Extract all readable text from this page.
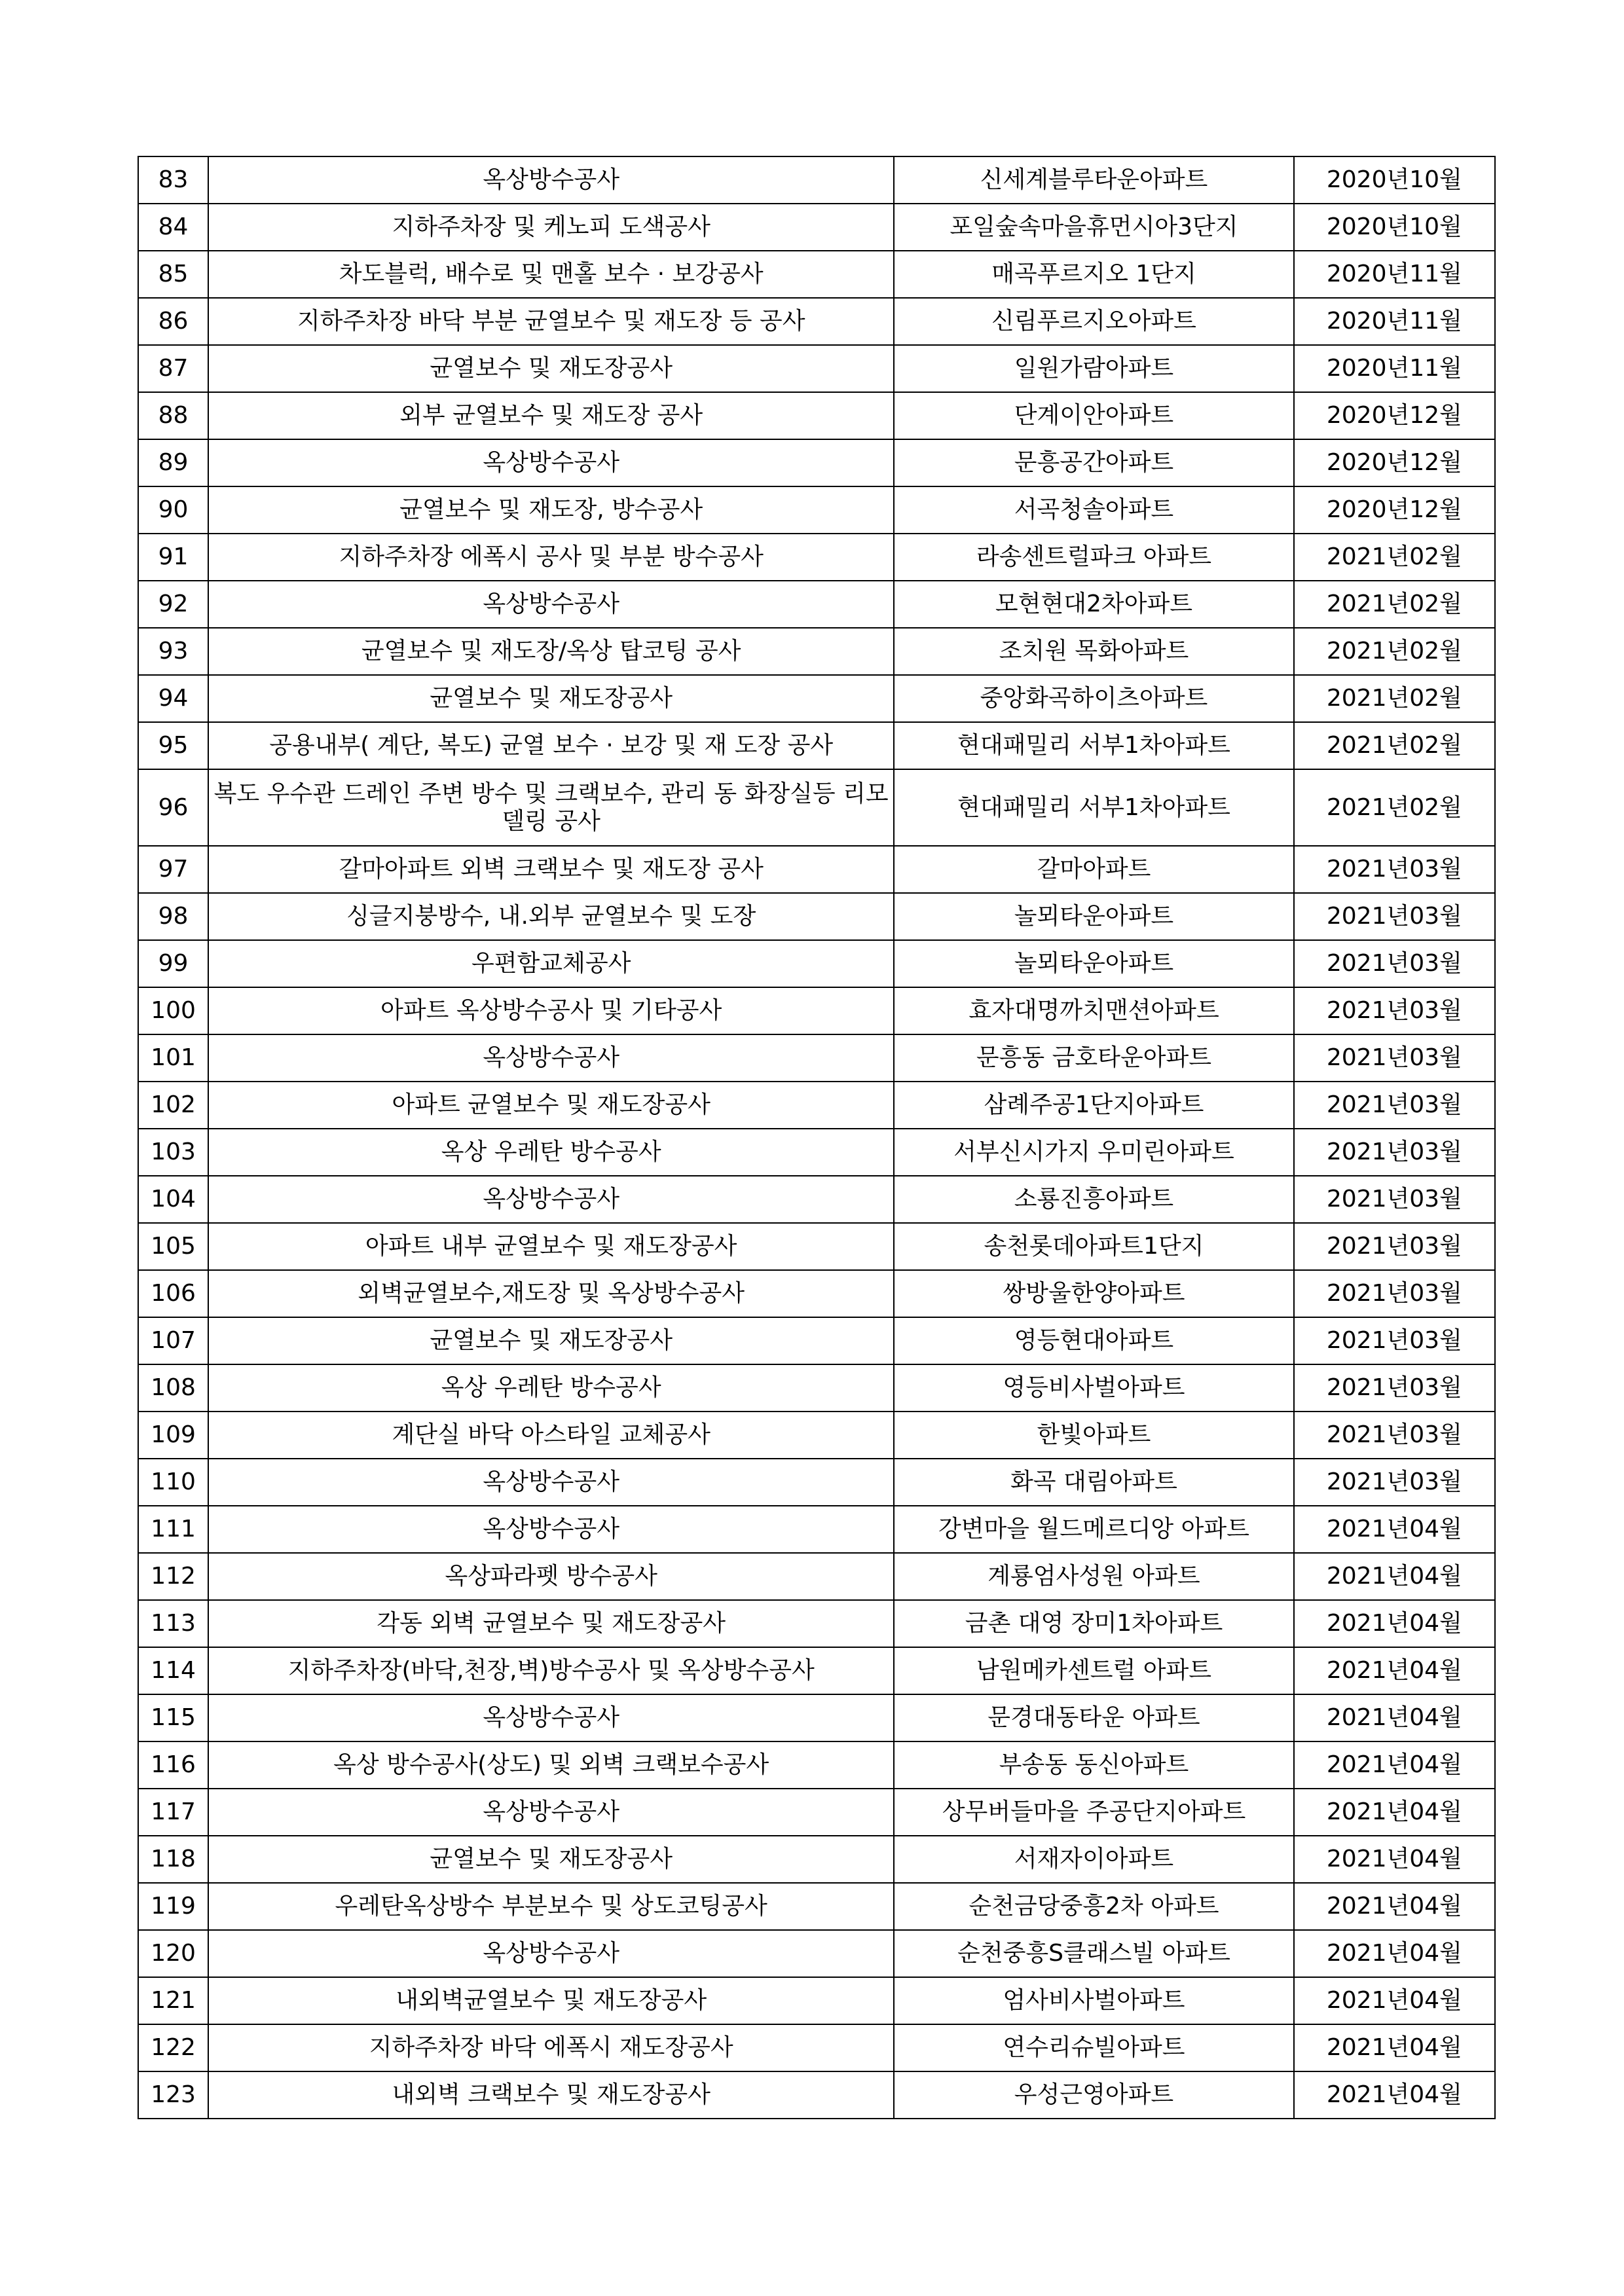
83	옥상방수공사	신세계블루타운아파트	2020년10월
84	지하주차장 및 케노피 도색공사	포일숲속마을휴먼시아3단지	2020년10월
85	차도블럭, 배수로 및 맨홀 보수 · 보강공사	매곡푸르지오 1단지	2020년11월
86	지하주차장 바닥 부분 균열보수 및 재도장 등 공사	신림푸르지오아파트	2020년11월
87	균열보수 및 재도장공사	일원가람아파트	2020년11월
88	외부 균열보수 및 재도장 공사	단계이안아파트	2020년12월
89	옥상방수공사	문흥공간아파트	2020년12월
90	균열보수 및 재도장, 방수공사	서곡청솔아파트	2020년12월
91	지하주차장 에폭시 공사 및 부분 방수공사	라송센트럴파크 아파트	2021년02월
92	옥상방수공사	모현현대2차아파트	2021년02월
93	균열보수 및 재도장/옥상 탑코팅 공사	조치원 목화아파트	2021년02월
94	균열보수 및 재도장공사	중앙화곡하이츠아파트	2021년02월
95	공용내부( 계단, 복도) 균열 보수 · 보강 및 재 도장 공사	현대패밀리 서부1차아파트	2021년02월
96	복도 우수관 드레인 주변 방수 및 크랙보수, 관리 동 화장실등 리모델링 공사	현대패밀리 서부1차아파트	2021년02월
97	갈마아파트 외벽 크랙보수 및 재도장 공사	갈마아파트	2021년03월
98	싱글지붕방수, 내.외부 균열보수 및 도장	놀뫼타운아파트	2021년03월
99	우편함교체공사	놀뫼타운아파트	2021년03월
100	아파트 옥상방수공사 및 기타공사	효자대명까치맨션아파트	2021년03월
101	옥상방수공사	문흥동 금호타운아파트	2021년03월
102	아파트 균열보수 및 재도장공사	삼례주공1단지아파트	2021년03월
103	옥상 우레탄 방수공사	서부신시가지 우미린아파트	2021년03월
104	옥상방수공사	소룡진흥아파트	2021년03월
105	아파트 내부 균열보수 및 재도장공사	송천롯데아파트1단지	2021년03월
106	외벽균열보수,재도장 및 옥상방수공사	쌍방울한양아파트	2021년03월
107	균열보수 및 재도장공사	영등현대아파트	2021년03월
108	옥상 우레탄 방수공사	영등비사벌아파트	2021년03월
109	계단실 바닥 아스타일 교체공사	한빛아파트	2021년03월
110	옥상방수공사	화곡 대림아파트	2021년03월
111	옥상방수공사	강변마을 월드메르디앙 아파트	2021년04월
112	옥상파라펫 방수공사	계룡엄사성원 아파트	2021년04월
113	각동 외벽 균열보수 및 재도장공사	금촌 대영 장미1차아파트	2021년04월
114	지하주차장(바닥,천장,벽)방수공사 및 옥상방수공사	남원메카센트럴 아파트	2021년04월
115	옥상방수공사	문경대동타운 아파트	2021년04월
116	옥상 방수공사(상도) 및 외벽 크랙보수공사	부송동 동신아파트	2021년04월
117	옥상방수공사	상무버들마을 주공단지아파트	2021년04월
118	균열보수 및 재도장공사	서재자이아파트	2021년04월
119	우레탄옥상방수 부분보수 및 상도코팅공사	순천금당중흥2차 아파트	2021년04월
120	옥상방수공사	순천중흥S클래스빌 아파트	2021년04월
121	내외벽균열보수 및 재도장공사	엄사비사벌아파트	2021년04월
122	지하주차장 바닥 에폭시 재도장공사	연수리슈빌아파트	2021년04월
123	내외벽 크랙보수 및 재도장공사	우성근영아파트	2021년04월
